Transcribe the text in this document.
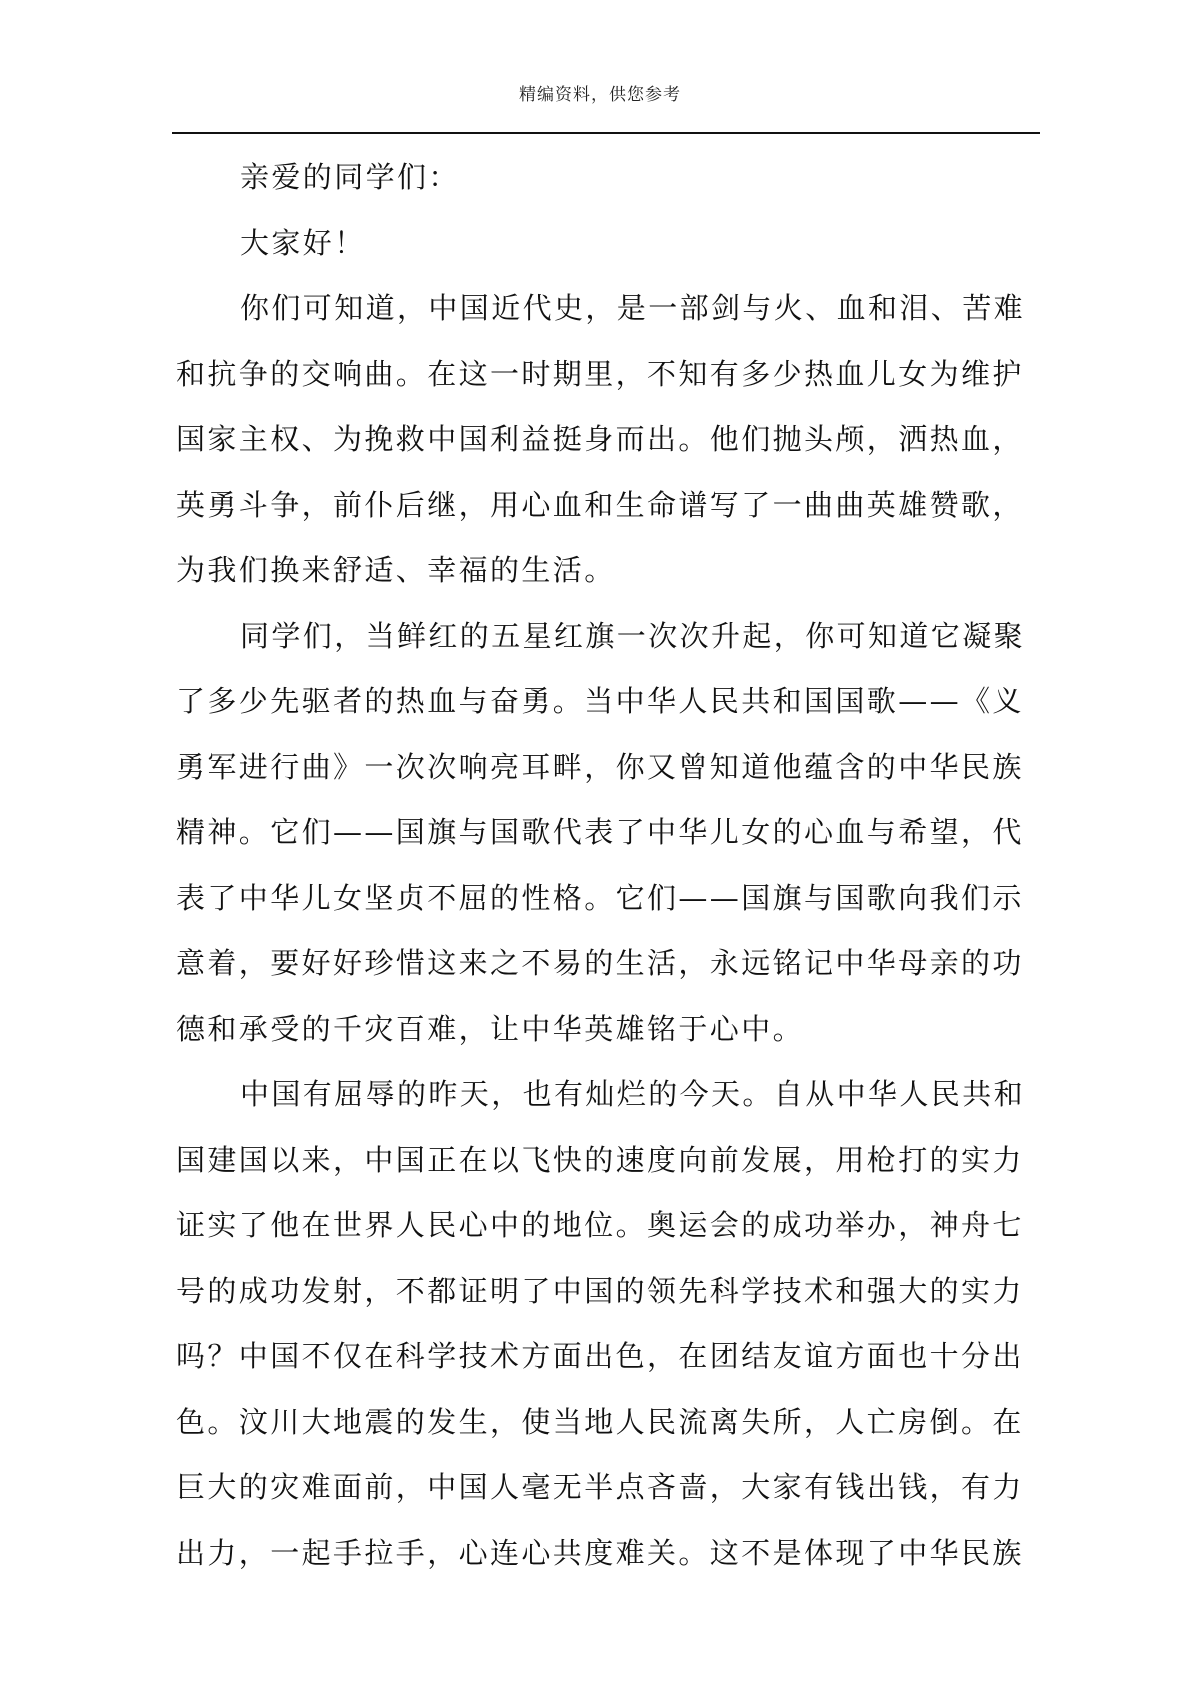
精编资料，供您参考
亲爱的同学们：
大家好！
你们可知道，中国近代史，是一部剑与火、血和泪、苦难
和抗争的交响曲。在这一时期里，不知有多少热血儿女为维护
国家主权、为挽救中国利益挺身而出。他们抛头颅，洒热血，
英勇斗争，前仆后继，用心血和生命谱写了一曲曲英雄赞歌，
为我们换来舒适、幸福的生活。
同学们，当鲜红的五星红旗一次次升起，你可知道它凝聚
了多少先驱者的热血与奋勇。当中华人民共和国国歌——《义
勇军进行曲》一次次响亮耳畔，你又曾知道他蕴含的中华民族
精神。它们——国旗与国歌代表了中华儿女的心血与希望，代
表了中华儿女坚贞不屈的性格。它们——国旗与国歌向我们示
意着，要好好珍惜这来之不易的生活，永远铭记中华母亲的功
德和承受的千灾百难，让中华英雄铭于心中。
中国有屈辱的昨天，也有灿烂的今天。自从中华人民共和
国建国以来，中国正在以飞快的速度向前发展，用枪打的实力
证实了他在世界人民心中的地位。奥运会的成功举办，神舟七
号的成功发射，不都证明了中国的领先科学技术和强大的实力
吗？中国不仅在科学技术方面出色，在团结友谊方面也十分出
色。汶川大地震的发生，使当地人民流离失所，人亡房倒。在
巨大的灾难面前，中国人毫无半点吝啬，大家有钱出钱，有力
出力，一起手拉手，心连心共度难关。这不是体现了中华民族
